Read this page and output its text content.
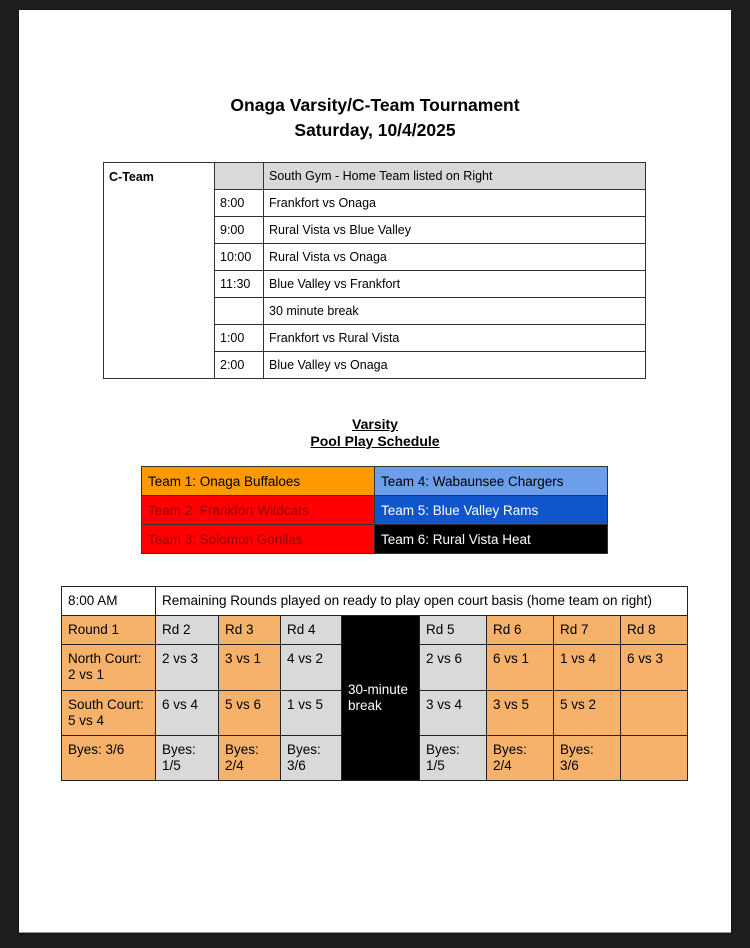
Onaga Varsity/C-Team Tournament
Saturday, 10/4/2025
C-Team		South Gym - Home Team listed on Right
	8:00	Frankfort vs Onaga
	9:00	Rural Vista vs Blue Valley
	10:00	Rural Vista vs Onaga
	11:30	Blue Valley vs Frankfort
		30 minute break
	1:00	Frankfort vs Rural Vista
	2:00	Blue Valley vs Onaga
Varsity
Pool Play Schedule
Team 1: Onaga Buffaloes	Team 4: Wabaunsee Chargers
Team 2: Frankfort Wildcats	Team 5: Blue Valley Rams
Team 3: Solomon Gorillas	Team 6: Rural Vista Heat
8:00 AM	Remaining Rounds played on ready to play open court basis (home team on right)							
Round 1	Rd 2	Rd 3	Rd 4	30-minute break	Rd 5	Rd 6	Rd 7	Rd 8
North Court: 2 vs 1	2 vs 3	3 vs 1	4 vs 2		2 vs 6	6 vs 1	1 vs 4	6 vs 3
South Court: 5 vs 4	6 vs 4	5 vs 6	1 vs 5		3 vs 4	3 vs 5	5 vs 2	
Byes: 3/6	Byes: 1/5	Byes: 2/4	Byes: 3/6		Byes: 1/5	Byes: 2/4	Byes: 3/6	
